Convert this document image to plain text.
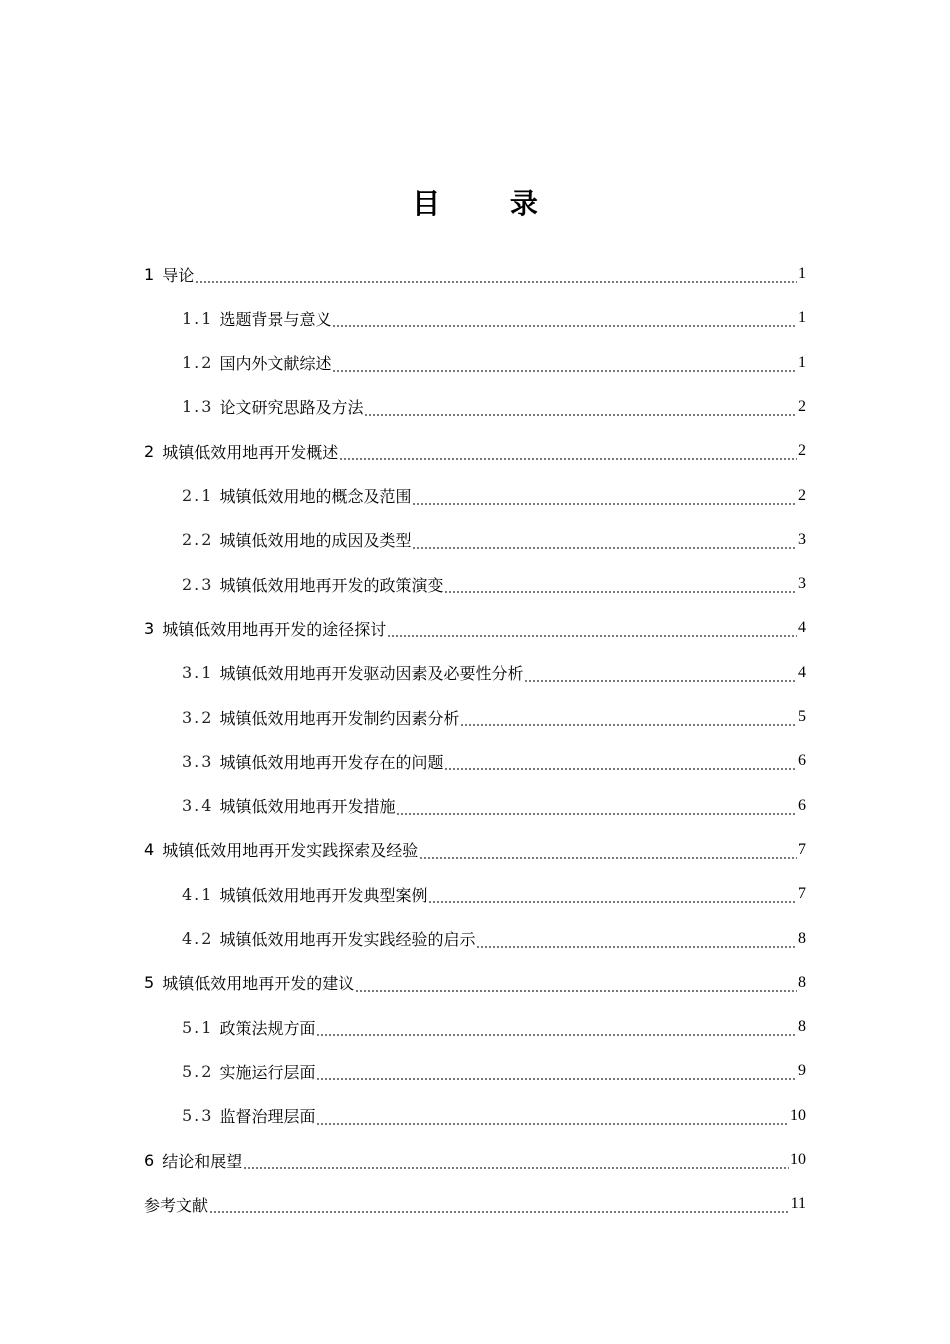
目 录
1 导论	1
1.1 选题背景与意义	1
1.2 国内外文献综述	1
1.3 论文研究思路及方法	2
2 城镇低效用地再开发概述	2
2.1 城镇低效用地的概念及范围	2
2.2 城镇低效用地的成因及类型	3
2.3 城镇低效用地再开发的政策演变	3
3 城镇低效用地再开发的途径探讨	4
3.1 城镇低效用地再开发驱动因素及必要性分析	4
3.2 城镇低效用地再开发制约因素分析	5
3.3 城镇低效用地再开发存在的问题	6
3.4 城镇低效用地再开发措施	6
4 城镇低效用地再开发实践探索及经验	7
4.1 城镇低效用地再开发典型案例	7
4.2 城镇低效用地再开发实践经验的启示	8
5 城镇低效用地再开发的建议	8
5.1 政策法规方面	8
5.2 实施运行层面	9
5.3 监督治理层面	10
6 结论和展望	10
参考文献	11
